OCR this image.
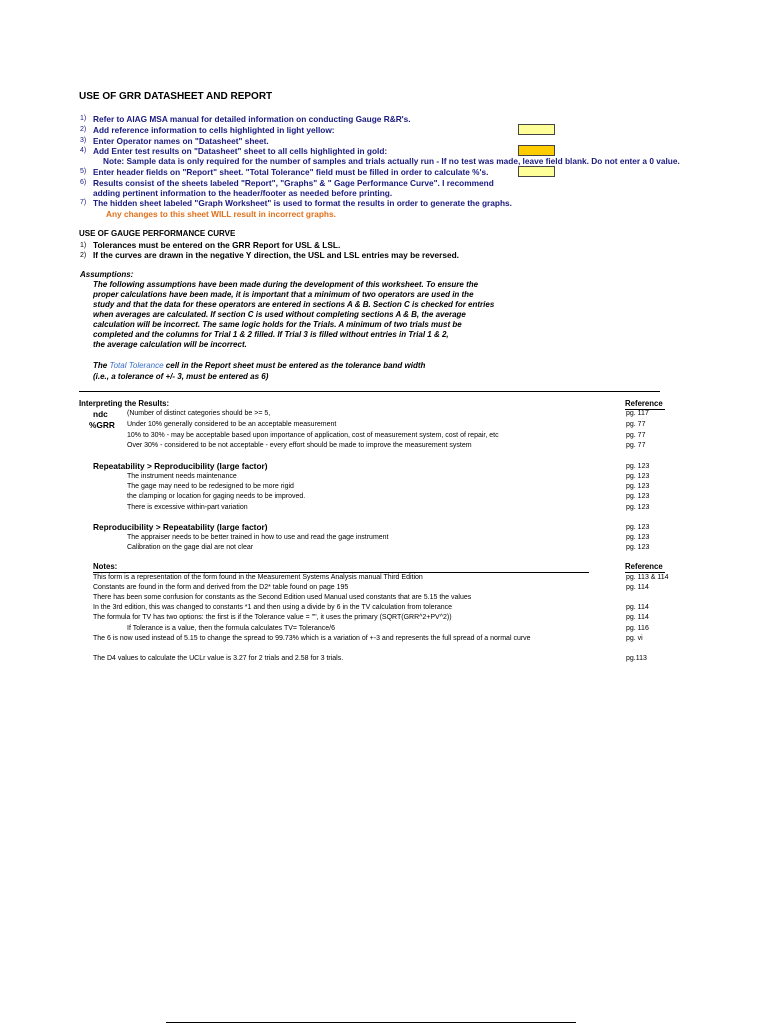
USE OF GRR DATASHEET AND REPORT
1) Refer to AIAG MSA manual for detailed information on conducting Gauge R&R's.
2) Add reference information to cells highlighted in light yellow:
3) Enter Operator names on "Datasheet" sheet.
4) Add Enter test results on "Datasheet" sheet to all cells highlighted in gold:
Note: Sample data is only required for the number of samples and trials actually run - If no test was made, leave field blank. Do not enter a 0 value.
5) Enter header fields on "Report" sheet. "Total Tolerance" field must be filled in order to calculate %'s.
6) Results consist of the sheets labeled "Report", "Graphs" & " Gage Performance Curve". I recommend
adding pertinent information to the header/footer as needed before printing.
7) The hidden sheet labeled "Graph Worksheet" is used to format the results in order to generate the graphs.
Any changes to this sheet WILL result in incorrect graphs.
USE OF GAUGE PERFORMANCE CURVE
1) Tolerances must be entered on the GRR Report for USL & LSL.
2) If the curves are drawn in the negative Y direction, the USL and LSL entries may be reversed.
Assumptions:
The following assumptions have been made during the development of this worksheet. To ensure the
proper calculations have been made, it is important that a minimum of two operators are used in the
study and that the data for these operators are entered in sections A & B. Section C is checked for entries
when averages are calculated. If section C is used without completing sections A & B, the average
calculation will be incorrect. The same logic holds for the Trials. A minimum of two trials must be
completed and the columns for Trial 1 & 2 filled. If Trial 3 is filled without entries in Trial 1 & 2,
the average calculation will be incorrect.
The Total Tolerance cell in the Report sheet must be entered as the tolerance band width
(i.e., a tolerance of +/- 3, must be entered as 6)
Interpreting the Results:	Reference
ndc	(Number of distinct categories should be >= 5,	pg. 117
%GRR Under 10% generally considered to be an acceptable measurement	pg. 77
10% to 30% - may be acceptable based upon importance of application, cost of measurement system, cost of repair, etc	pg. 77
Over 30% - considered to be not acceptable - every effort should be made to improve the measurement system	pg. 77
Repeatability > Reproducibility (large factor)	pg. 123
The instrument needs maintenance	pg. 123
The gage may need to be redesigned to be more rigid	pg. 123
the clamping or location for gaging needs to be improved.	pg. 123
There is excessive within-part variation	pg. 123
Reproducibility > Repeatability (large factor)	pg. 123
The appraiser needs to be better trained in how to use and read the gage instrument	pg. 123
Calibration on the gage dial are not clear	pg. 123
Notes:	Reference
This form is a representation of the form found in the Measurement Systems Analysis manual Third Edition	pg. 113 & 114
Constants are found in the form and derived from the D2* table found on page 195	pg. 114
There has been some confusion for constants as the Second Edition used Manual used constants that are 5.15 the values
In the 3rd edition, this was changed to constants *1 and then using a divide by 6 in the TV calculation from tolerance	pg. 114
The formula for TV has two options: the first is if the Tolerance value = "", it uses the primary (SQRT(GRR^2+PV^2))	pg. 114
If Tolerance is a value, then the formula calculates TV= Tolerance/6	pg. 116
The 6 is now used instead of 5.15 to change the spread to 99.73% which is a variation of +-3 and represents the full spread of a normal curve	pg. vi
The D4 values to calculate the UCLr value is 3.27 for 2 trials and 2.58 for 3 trials.	pg.113
